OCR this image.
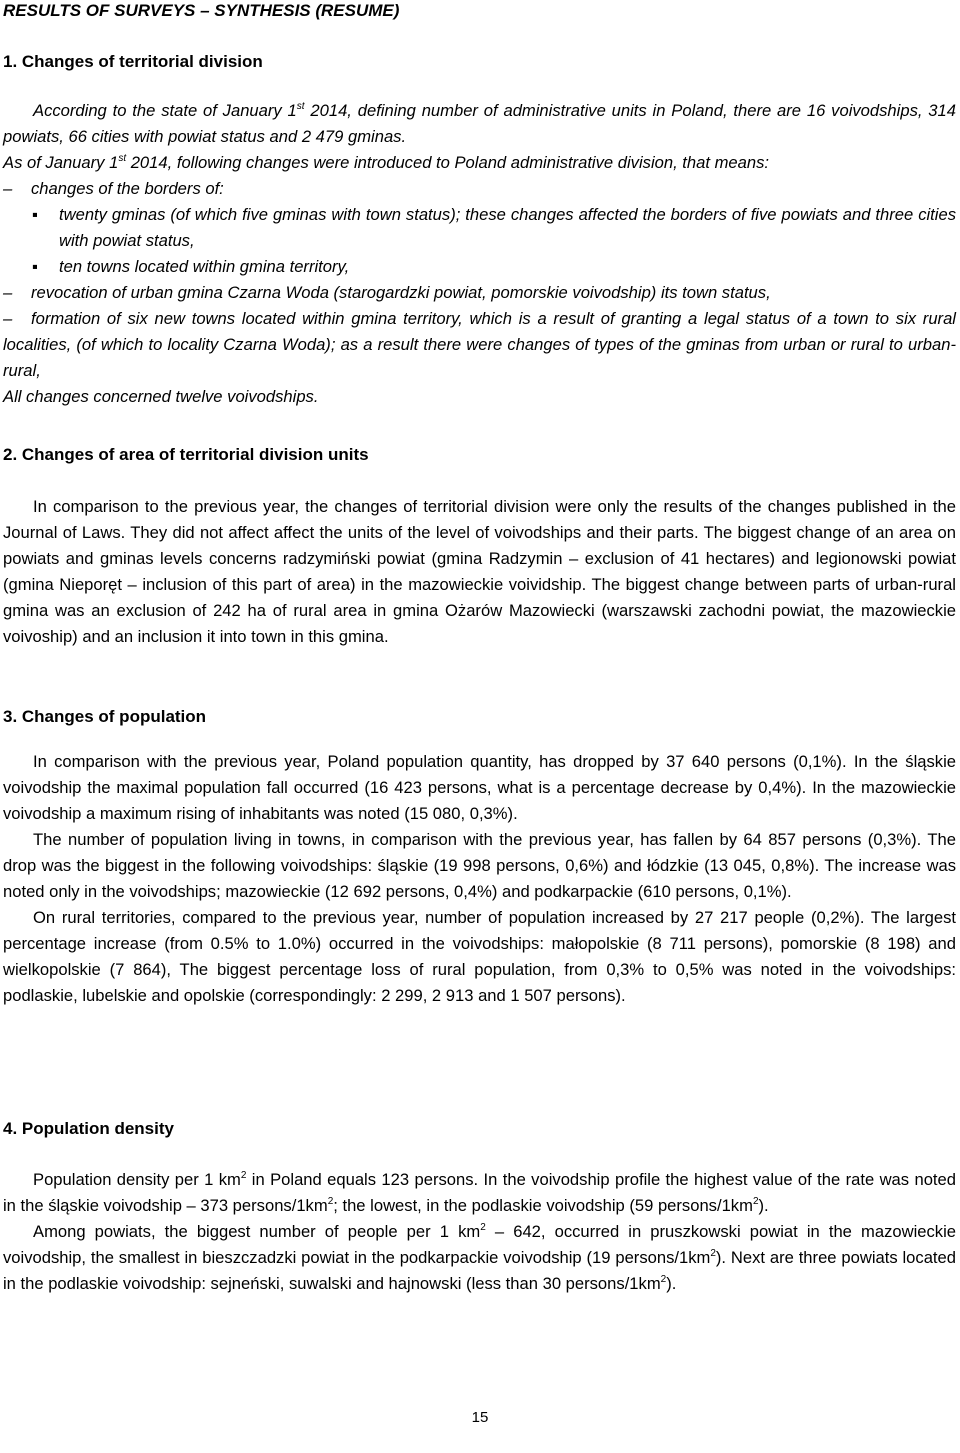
RESULTS OF SURVEYS – SYNTHESIS (RESUME)
1. Changes of territorial division

According to the state of January 1st 2014, defining number of administrative units in Poland, there are 16 voivodships, 314 powiats, 66 cities with powiat status and 2 479 gminas.

As of January 1st 2014, following changes were introduced to Poland administrative division, that means:

– changes of the borders of:

▪ twenty gminas (of which five gminas with town status); these changes affected the borders of five powiats and three cities with powiat status,

▪ ten towns located within gmina territory,

– revocation of urban gmina Czarna Woda (starogardzki powiat, pomorskie voivodship) its town status,

– formation of six new towns located within gmina territory, which is a result of granting a legal status of a town to six rural localities, (of which to locality Czarna Woda); as a result there were changes of types of the gminas from urban or rural to urban-rural,

All changes concerned twelve voivodships.

2. Changes of area of territorial division units

In comparison to the previous year, the changes of territorial division were only the results of the changes published in the Journal of Laws. They did not affect affect the units of the level of voivodships and their parts. The biggest change of an area on powiats and gminas levels concerns radzymiński powiat (gmina Radzymin – exclusion of 41 hectares) and legionowski powiat (gmina Nieporęt – inclusion of this part of area) in the mazowieckie voividship. The biggest change between parts of urban-rural gmina was an exclusion of 242 ha of rural area in gmina Ożarów Mazowiecki (warszawski zachodni powiat, the mazowieckie voivoship) and an inclusion it into town in this gmina.

3. Changes of population

In comparison with the previous year, Poland population quantity, has dropped by 37 640 persons (0,1%). In the śląskie voivodship the maximal population fall occurred (16 423 persons, what is a percentage decrease by 0,4%). In the mazowieckie voivodship a maximum rising of inhabitants was noted (15 080, 0,3%).

The number of population living in towns, in comparison with the previous year, has fallen by 64 857 persons (0,3%). The drop was the biggest in the following voivodships: śląskie (19 998 persons, 0,6%) and łódzkie (13 045, 0,8%). The increase was noted only in the voivodships; mazowieckie (12 692 persons, 0,4%) and podkarpackie (610 persons, 0,1%).

On rural territories, compared to the previous year, number of population increased by 27 217 people (0,2%). The largest percentage increase (from 0.5% to 1.0%) occurred in the voivodships: małopolskie (8 711 persons), pomorskie (8 198) and wielkopolskie (7 864), The biggest percentage loss of rural population, from 0,3% to 0,5% was noted in the voivodships: podlaskie, lubelskie and opolskie (correspondingly: 2 299, 2 913 and 1 507 persons).

4. Population density

Population density per 1 $km^2$ in Poland equals 123 persons. In the voivodship profile the highest value of the rate was noted in the śląskie voivodship – 373 persons/$1km^2$; the lowest, in the podlaskie voivodship (59 persons/$1km^2$).

Among powiats, the biggest number of people per 1 $km^2 - 642$, occurred in pruszkowski powiat in the mazowieckie voivodship, the smallest in bieszczadzki powiat in the podkarpackie voivodship (19 persons/$1km^2$). Next are three powiats located in the podlaskie voivodship: sejneński, suwalski and hajnowski (less than 30 persons/$1km^2$).

15
